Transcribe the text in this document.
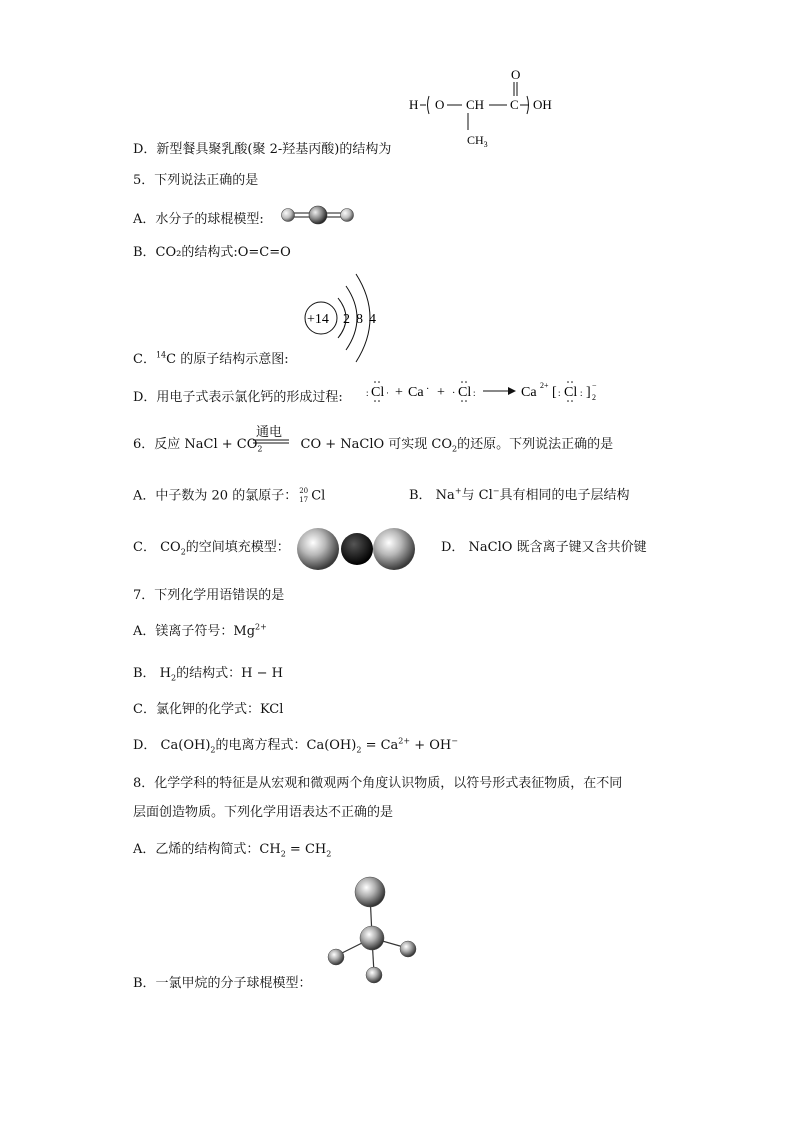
H O CH
$CH_3$
C
O
OH
D．新型餐具聚乳酸(聚 2-羟基丙酸)的结构为
5．下列说法正确的是
A．水分子的球棍模型:
B．CO₂的结构式:O=C=O
+14 2 8 4
C．$^{14}$C 的原子结构示意图:
D．用电子式表示氯化钙的形成过程:	: Cl · + Ca · + · Cl :	Ca 2+ [ : Cl : ] −
2
通电
6．反应 NaCl + $CO_2$	CO + NaClO 可实现 $CO_2$的还原。下列说法正确的是
A．中子数为 20 的氯原子： 20
17 Cl	B． Na+与 Cl−具有相同的电子层结构
C． $CO_2$的空间填充模型：	D． NaClO 既含离子键又含共价键
7．下列化学用语错误的是
A．镁离子符号：$Mg^{2+}$
B． $H_2$的结构式：H − H
C．氯化钾的化学式：KCl
D． $Ca(OH)_2$的电离方程式：$Ca(OH)_2 = Ca^{2+} + OH^-$
8．化学学科的特征是从宏观和微观两个角度认识物质，以符号形式表征物质，在不同
层面创造物质。下列化学用语表达不正确的是
A．乙烯的结构简式：$CH_2 = CH_2$
B．一氯甲烷的分子球棍模型：
